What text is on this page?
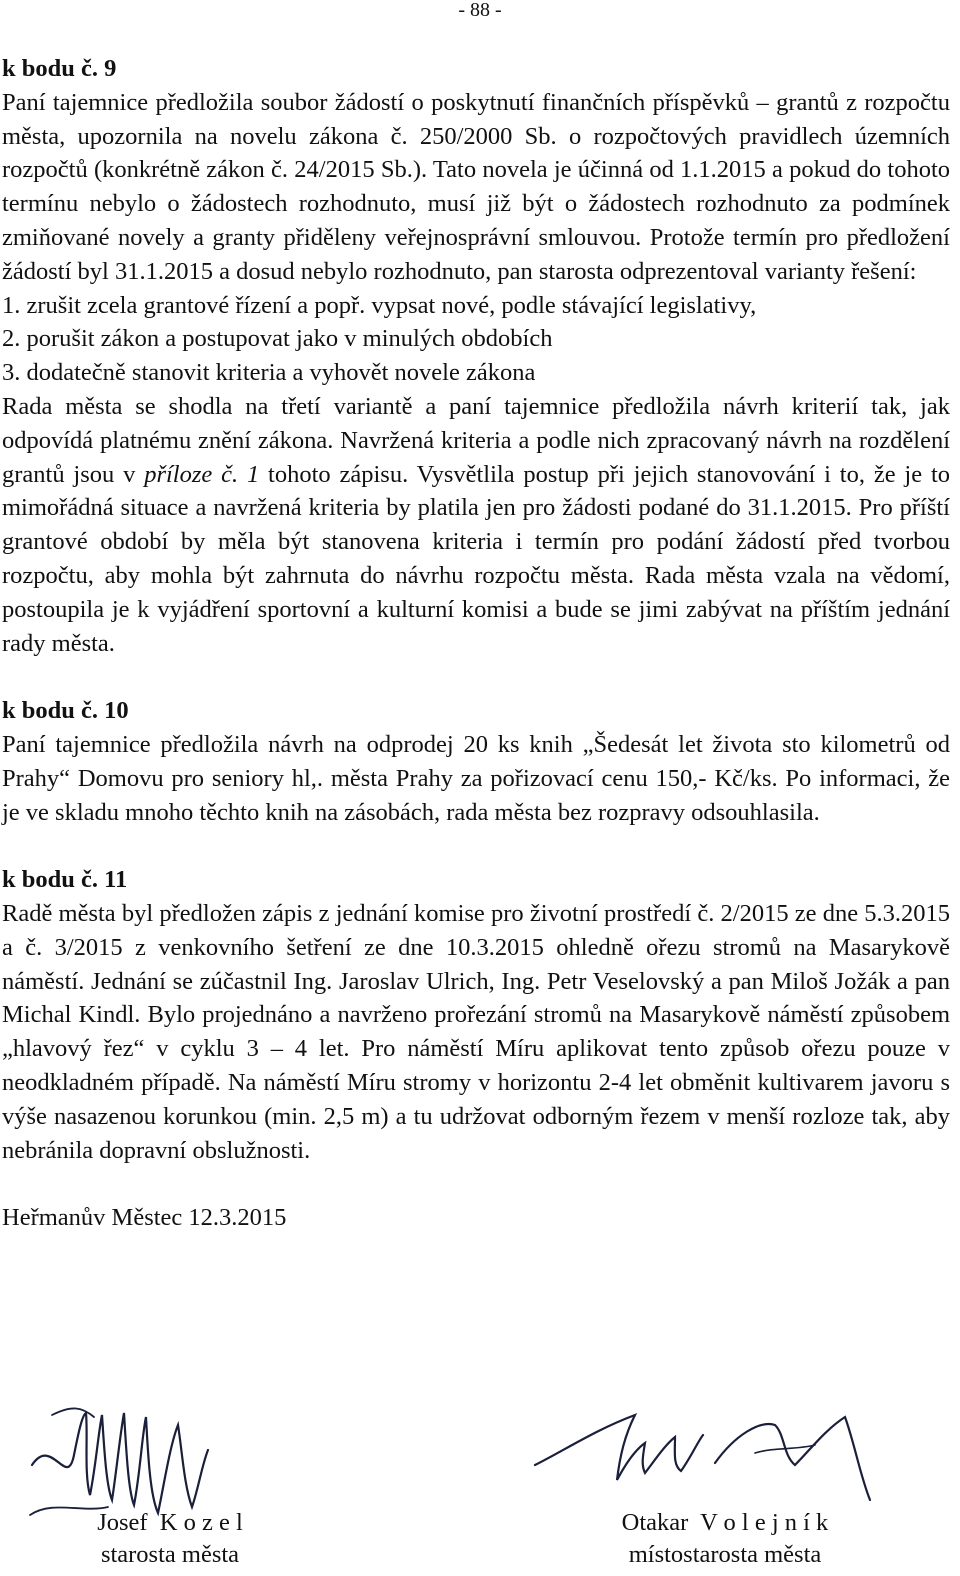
- 88 -

k bodu č. 9

Paní tajemnice předložila soubor žádostí o poskytnutí finančních příspěvků – grantů z rozpočtu města, upozornila na novelu zákona č. 250/2000 Sb. o rozpočtových pravidlech územních rozpočtů (konkrétně zákon č. 24/2015 Sb.). Tato novela je účinná od 1.1.2015 a pokud do tohoto termínu nebylo o žádostech rozhodnuto, musí již být o žádostech rozhodnuto za podmínek zmiňované novely a granty přiděleny veřejnosprávní smlouvou. Protože termín pro předložení žádostí byl 31.1.2015 a dosud nebylo rozhodnuto, pan starosta odprezentoval varianty řešení:

1. zrušit zcela grantové řízení a popř. vypsat nové, podle stávající legislativy,

2. porušit zákon a postupovat jako v minulých obdobích

3. dodatečně stanovit kriteria a vyhovět novele zákona

Rada města se shodla na třetí variantě a paní tajemnice předložila návrh kriterií tak, jak odpovídá platnému znění zákona. Navržená kriteria a podle nich zpracovaný návrh na rozdělení grantů jsou v příloze č. 1 tohoto zápisu. Vysvětlila postup při jejich stanovování i to, že je to mimořádná situace a navržená kriteria by platila jen pro žádosti podané do 31.1.2015. Pro příští grantové období by měla být stanovena kriteria i termín pro podání žádostí před tvorbou rozpočtu, aby mohla být zahrnuta do návrhu rozpočtu města. Rada města vzala na vědomí, postoupila je k vyjádření sportovní a kulturní komisi a bude se jimi zabývat na příštím jednání rady města.

k bodu č. 10

Paní tajemnice předložila návrh na odprodej 20 ks knih „Šedesát let života sto kilometrů od Prahy“ Domovu pro seniory hl,. města Prahy za pořizovací cenu 150,- Kč/ks. Po informaci, že je ve skladu mnoho těchto knih na zásobách, rada města bez rozpravy odsouhlasila.

k bodu č. 11

Radě města byl předložen zápis z jednání komise pro životní prostředí č. 2/2015 ze dne 5.3.2015 a č. 3/2015 z venkovního šetření ze dne 10.3.2015 ohledně ořezu stromů na Masarykově náměstí. Jednání se zúčastnil Ing. Jaroslav Ulrich, Ing. Petr Veselovský a pan Miloš Jožák a pan Michal Kindl. Bylo projednáno a navrženo prořezání stromů na Masarykově náměstí způsobem „hlavový řez“ v cyklu 3 – 4 let. Pro náměstí Míru aplikovat tento způsob ořezu pouze v neodkladném případě. Na náměstí Míru stromy v horizontu 2-4 let obměnit kultivarem javoru s výše nasazenou korunkou (min. 2,5 m) a tu udržovat odborným řezem v menší rozloze tak, aby nebránila dopravní obslužnosti.

Heřmanův Městec 12.3.2015

Josef  K o z e l
starosta města
Otakar  V o l e j n í k
místostarosta města
